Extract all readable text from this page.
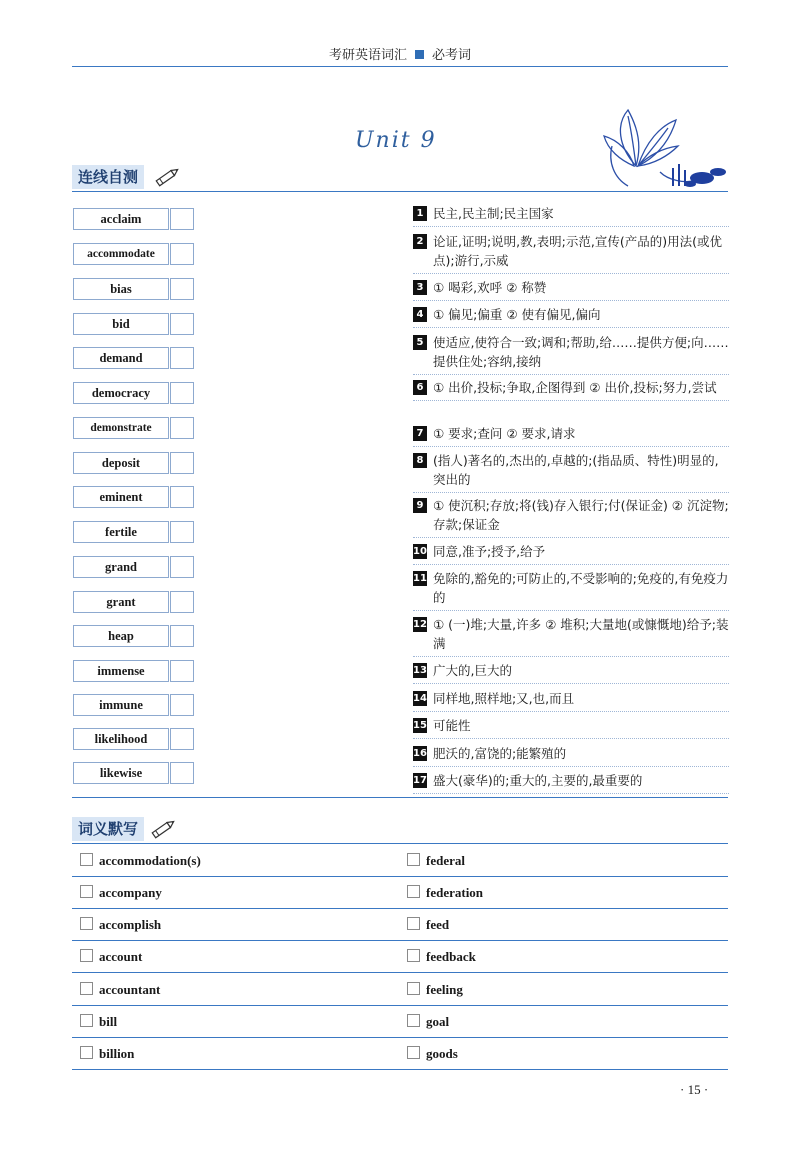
考研英语词汇 必考词
Unit 9
连线自测
acclaim
accommodate
bias
bid
demand
democracy
demonstrate
deposit
eminent
fertile
grand
grant
heap
immense
immune
likelihood
likewise
1 民主,民主制;民主国家
2 论证,证明;说明,教,表明;示范,宣传(产品的)用法(或优点);游行,示威
3 ① 喝彩,欢呼 ② 称赞
4 ① 偏见;偏重 ② 使有偏见,偏向
5 使适应,使符合一致;调和;帮助,给……提供方便;向……提供住处;容纳,接纳
6 ① 出价,投标;争取,企图得到 ② 出价,投标;努力,尝试
7 ① 要求;查问 ② 要求,请求
8 (指人)著名的,杰出的,卓越的;(指品质、特性)明显的,突出的
9 ① 使沉积;存放;将(钱)存入银行;付(保证金) ② 沉淀物;存款;保证金
10 同意,准予;授予,给予
11 免除的,豁免的;可防止的,不受影响的;免疫的,有免疫力的
12 ① (一)堆;大量,许多 ② 堆积;大量地(或慷慨地)给予;装满
13 广大的,巨大的
14 同样地,照样地;又,也,而且
15 可能性
16 肥沃的,富饶的;能繁殖的
17 盛大(豪华)的;重大的,主要的,最重要的
词义默写
accommodation(s)	federal
accompany	federation
accomplish	feed
account	feedback
accountant	feeling
bill	goal
billion	goods
· 15 ·
